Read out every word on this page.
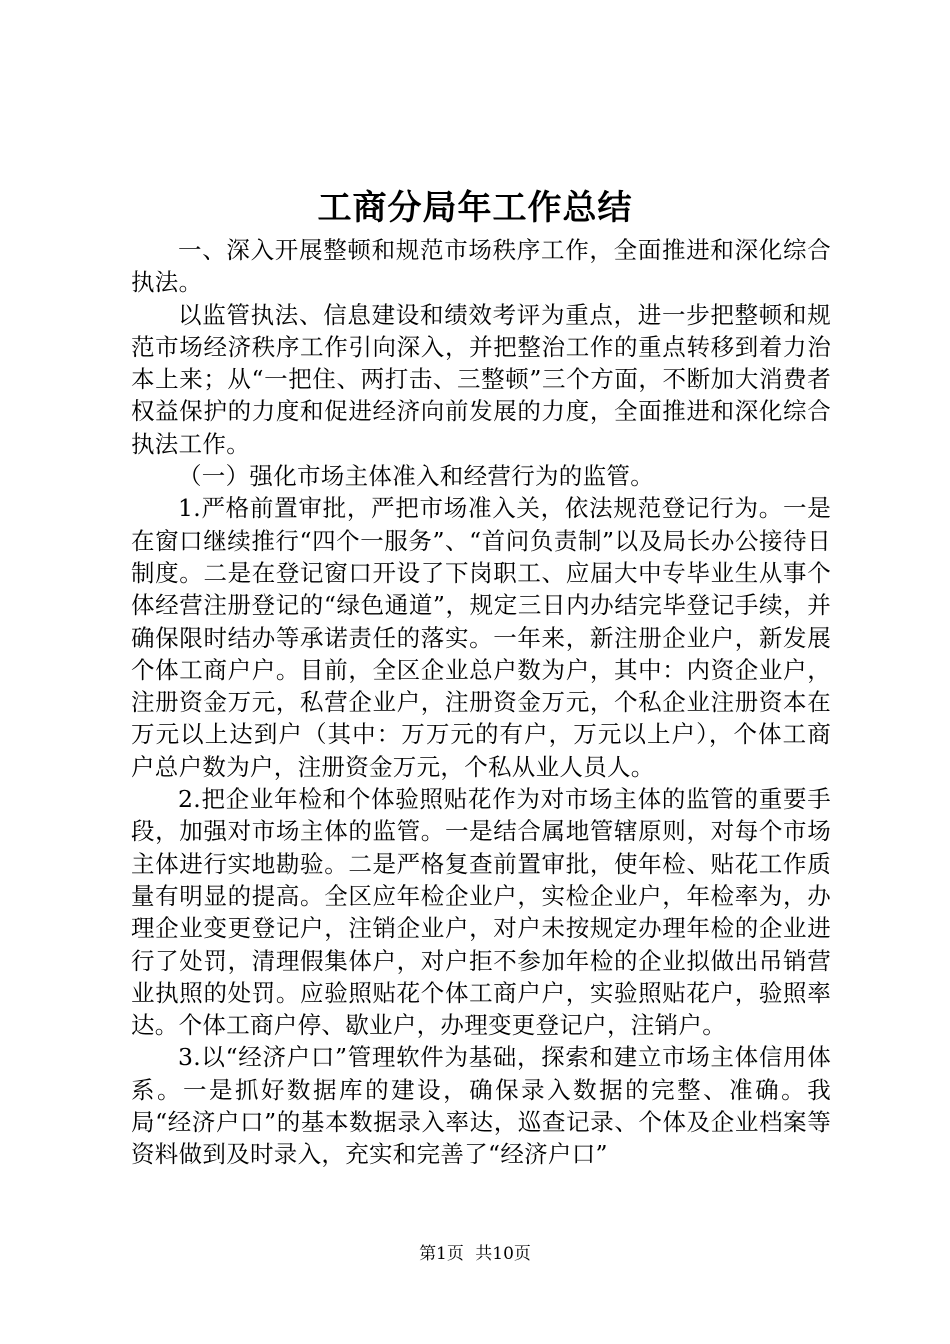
工商分局年工作总结

一、深入开展整顿和规范市场秩序工作，全面推进和深化综合执法。

以监管执法、信息建设和绩效考评为重点，进一步把整顿和规范市场经济秩序工作引向深入，并把整治工作的重点转移到着力治本上来；从“一把住、两打击、三整顿”三个方面，不断加大消费者权益保护的力度和促进经济向前发展的力度，全面推进和深化综合执法工作。

（一）强化市场主体准入和经营行为的监管。

1.严格前置审批，严把市场准入关，依法规范登记行为。一是在窗口继续推行“四个一服务”、“首问负责制”以及局长办公接待日制度。二是在登记窗口开设了下岗职工、应届大中专毕业生从事个体经营注册登记的“绿色通道”，规定三日内办结完毕登记手续，并确保限时结办等承诺责任的落实。一年来，新注册企业户，新发展个体工商户户。目前，全区企业总户数为户，其中：内资企业户，注册资金万元，私营企业户，注册资金万元，个私企业注册资本在万元以上达到户（其中：万万元的有户，万元以上户），个体工商户总户数为户，注册资金万元，个私从业人员人。

2.把企业年检和个体验照贴花作为对市场主体的监管的重要手段，加强对市场主体的监管。一是结合属地管辖原则，对每个市场主体进行实地勘验。二是严格复查前置审批，使年检、贴花工作质量有明显的提高。全区应年检企业户，实检企业户，年检率为，办理企业变更登记户，注销企业户，对户未按规定办理年检的企业进行了处罚，清理假集体户，对户拒不参加年检的企业拟做出吊销营业执照的处罚。应验照贴花个体工商户户，实验照贴花户，验照率达。个体工商户停、歇业户，办理变更登记户，注销户。

3.以“经济户口”管理软件为基础，探索和建立市场主体信用体系。一是抓好数据库的建设，确保录入数据的完整、准确。我局“经济户口”的基本数据录入率达，巡查记录、个体及企业档案等资料做到及时录入，充实和完善了“经济户口”

第1页 共10页
